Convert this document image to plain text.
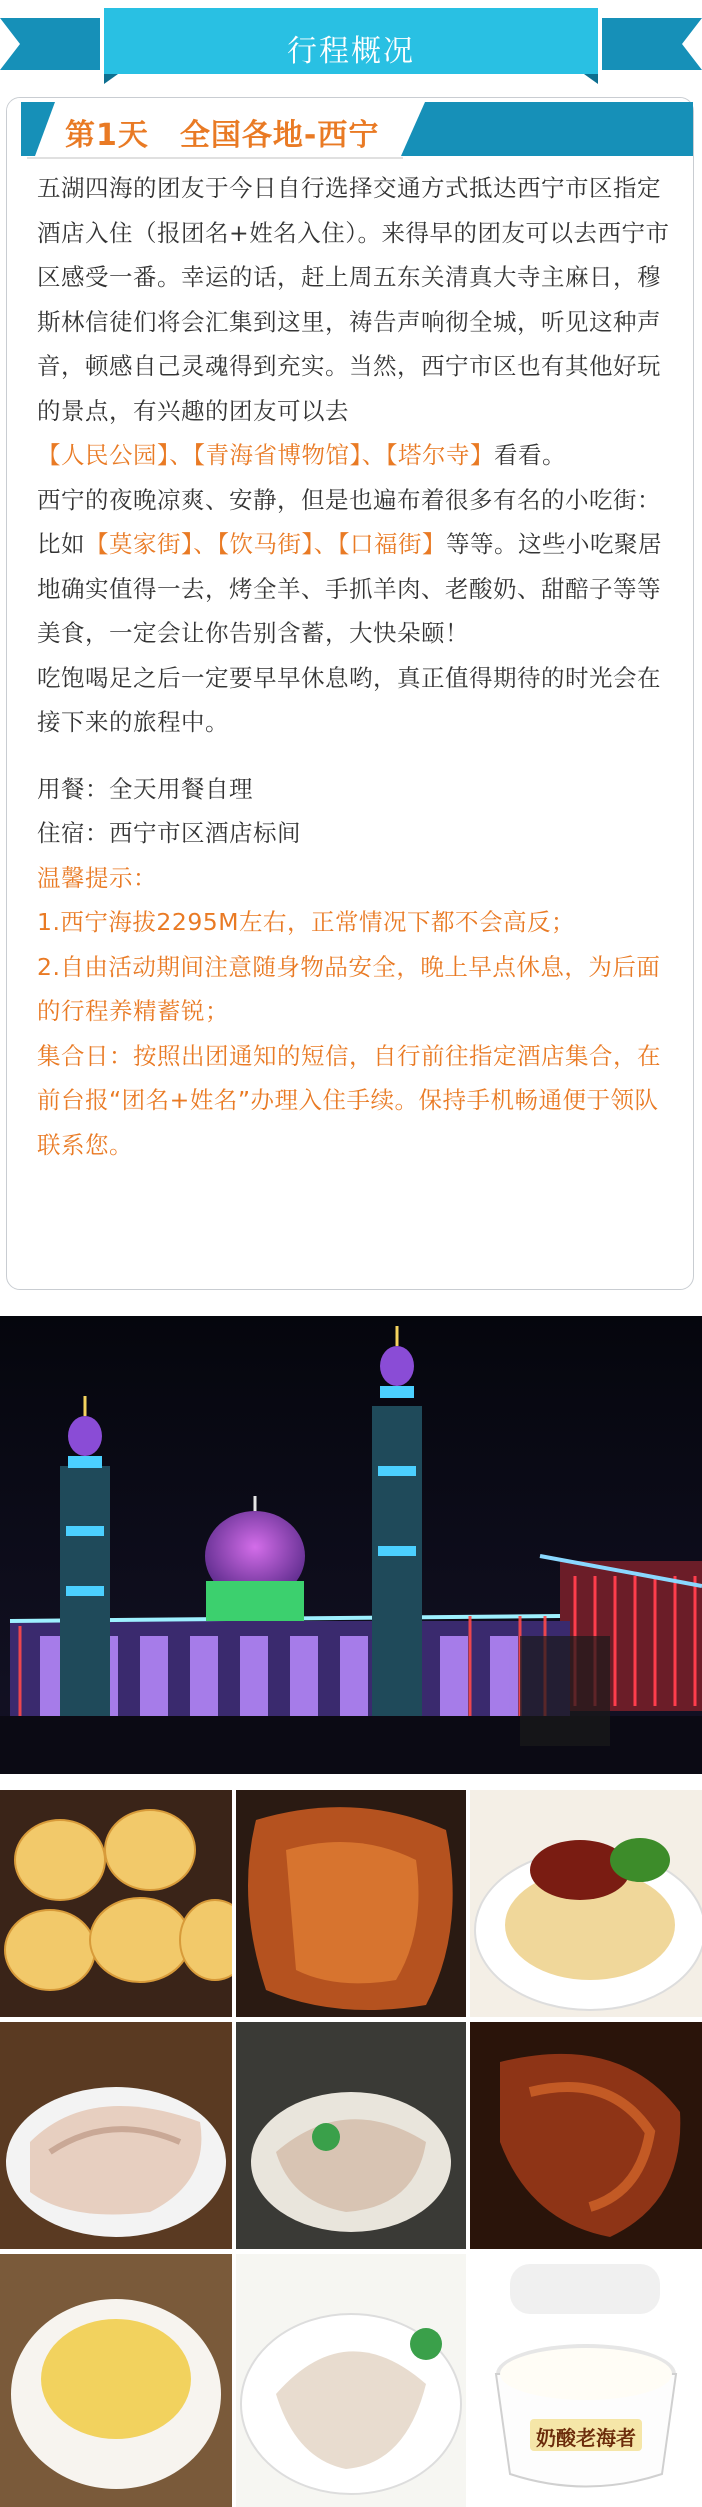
行程概况
第1天　全国各地-西宁

五湖四海的团友于今日自行选择交通方式抵达西宁市区指定酒店入住（报团名+姓名入住）。来得早的团友可以去西宁市区感受一番。幸运的话，赶上周五东关清真大寺主麻日，穆斯林信徒们将会汇集到这里，祷告声响彻全城，听见这种声音，顿感自己灵魂得到充实。当然，西宁市区也有其他好玩的景点，有兴趣的团友可以去
【人民公园】、【青海省博物馆】、【塔尔寺】看看。

西宁的夜晚凉爽、安静，但是也遍布着很多有名的小吃街：比如【莫家街】、【饮马街】、【口福街】等等。这些小吃聚居地确实值得一去，烤全羊、手抓羊肉、老酸奶、甜醅子等等美食，一定会让你告别含蓄，大快朵颐！

吃饱喝足之后一定要早早休息哟，真正值得期待的时光会在接下来的旅程中。

用餐：全天用餐自理

住宿：西宁市区酒店标间

温馨提示：

1.西宁海拔2295M左右，正常情况下都不会高反；

2.自由活动期间注意随身物品安全，晚上早点休息，为后面的行程养精蓄锐；

集合日：按照出团通知的短信，自行前往指定酒店集合，在前台报“团名+姓名”办理入住手续。保持手机畅通便于领队联系您。

奶酸老海者
